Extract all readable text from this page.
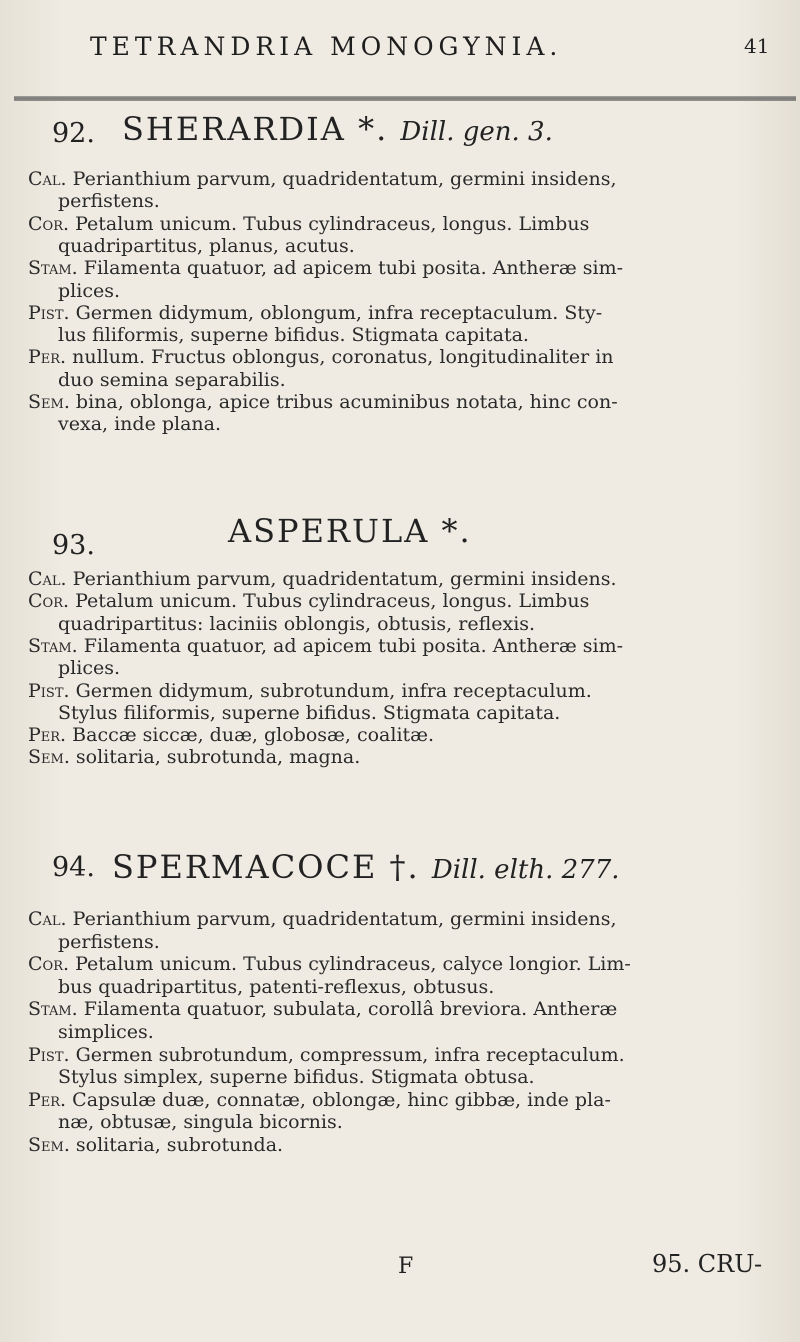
TETRANDRIA MONOGYNIA.	41
92. SHERARDIA *. Dill. gen. 3.
Cal. Perianthium parvum, quadridentatum, germini insidens,
perfistens.
Cor. Petalum unicum. Tubus cylindraceus, longus. Limbus
quadripartitus, planus, acutus.
Stam. Filamenta quatuor, ad apicem tubi posita. Antheræ sim-
plices.
Pist. Germen didymum, oblongum, infra receptaculum. Sty-
lus filiformis, superne bifidus. Stigmata capitata.
Per. nullum. Fructus oblongus, coronatus, longitudinaliter in
duo semina separabilis.
Sem. bina, oblonga, apice tribus acuminibus notata, hinc con-
vexa, inde plana.
93.	ASPERULA *.
Cal. Perianthium parvum, quadridentatum, germini insidens.
Cor. Petalum unicum. Tubus cylindraceus, longus. Limbus
quadripartitus: laciniis oblongis, obtusis, reflexis.
Stam. Filamenta quatuor, ad apicem tubi posita. Antheræ sim-
plices.
Pist. Germen didymum, subrotundum, infra receptaculum.
Stylus filiformis, superne bifidus. Stigmata capitata.
Per. Baccæ siccæ, duæ, globosæ, coalitæ.
Sem. solitaria, subrotunda, magna.
94. SPERMACOCE †. Dill. elth. 277.
Cal. Perianthium parvum, quadridentatum, germini insidens,
perfistens.
Cor. Petalum unicum. Tubus cylindraceus, calyce longior. Lim-
bus quadripartitus, patenti-reflexus, obtusus.
Stam. Filamenta quatuor, subulata, corollâ breviora. Antheræ
simplices.
Pist. Germen subrotundum, compressum, infra receptaculum.
Stylus simplex, superne bifidus. Stigmata obtusa.
Per. Capsulæ duæ, connatæ, oblongæ, hinc gibbæ, inde pla-
næ, obtusæ, singula bicornis.
Sem. solitaria, subrotunda.
F	95. CRU-
